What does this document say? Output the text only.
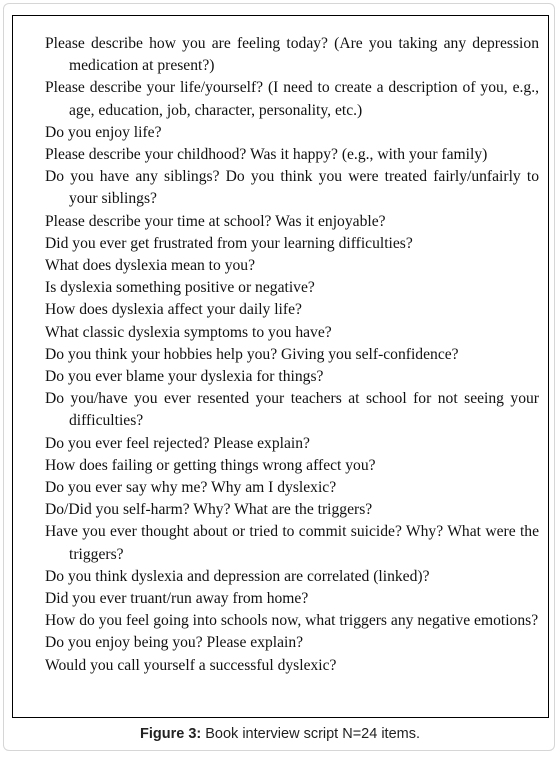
Please describe how you are feeling today? (Are you taking any depression medication at present?)
Please describe your life/yourself? (I need to create a description of you, e.g., age, education, job, character, personality, etc.)
Do you enjoy life?
Please describe your childhood? Was it happy? (e.g., with your family)
Do you have any siblings? Do you think you were treated fairly/unfairly to your siblings?
Please describe your time at school? Was it enjoyable?
Did you ever get frustrated from your learning difficulties?
What does dyslexia mean to you?
Is dyslexia something positive or negative?
How does dyslexia affect your daily life?
What classic dyslexia symptoms to you have?
Do you think your hobbies help you? Giving you self-confidence?
Do you ever blame your dyslexia for things?
Do you/have you ever resented your teachers at school for not seeing your difficulties?
Do you ever feel rejected? Please explain?
How does failing or getting things wrong affect you?
Do you ever say why me? Why am I dyslexic?
Do/Did you self-harm? Why? What are the triggers?
Have you ever thought about or tried to commit suicide? Why? What were the triggers?
Do you think dyslexia and depression are correlated (linked)?
Did you ever truant/run away from home?
How do you feel going into schools now, what triggers any negative emotions?
Do you enjoy being you? Please explain?
Would you call yourself a successful dyslexic?
Figure 3: Book interview script N=24 items.
